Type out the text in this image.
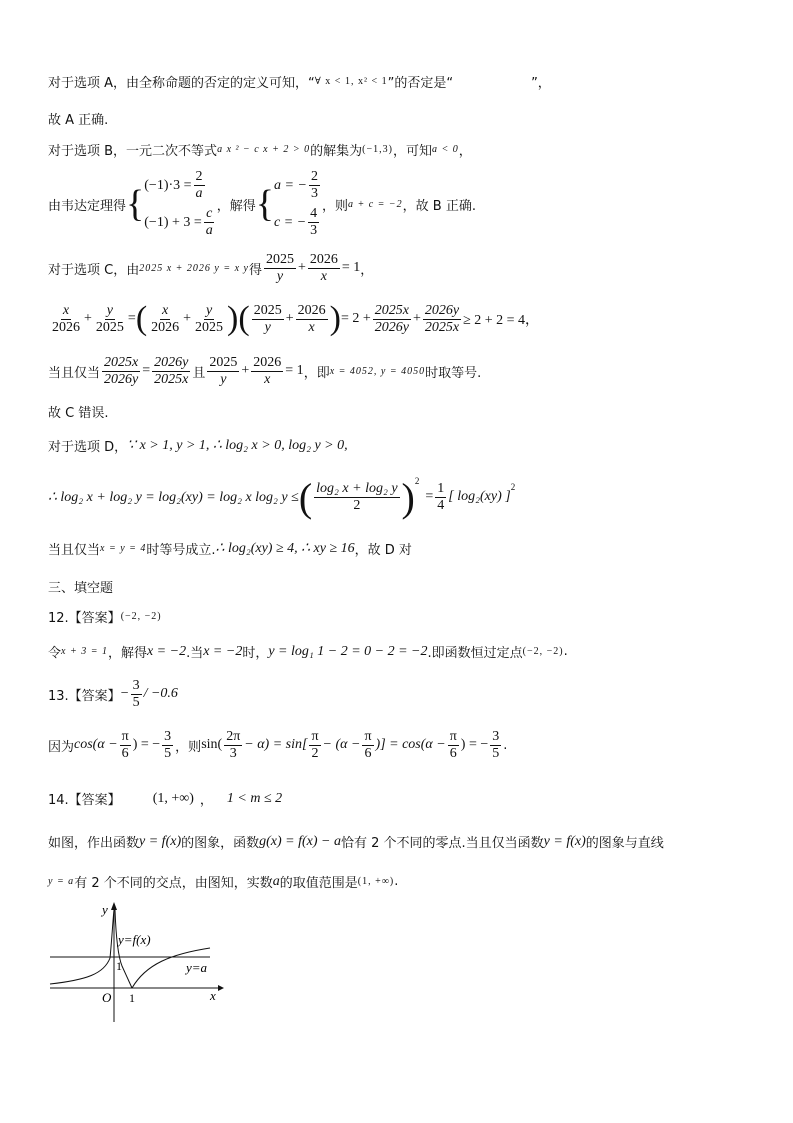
对于选项 A，由全称命题的否定的定义可知，“ ∀ x < 1, x² < 1 ”的否定是“	”，
故 A 正确.
对于选项 B，一元二次不等式 a x ² − c x + 2 > 0 的解集为 (−1,3) ，可知 a < 0 ，
由韦达定理得 { $(-1)\cdot 3 = \frac{2}{a}$
$(-1) + 3 = \frac{c}{a}$ ，解得 { a = − $\frac{2}{3}$
c = − $\frac{4}{3}$ ，则 a + c = −2 ，故 B 正确.
对于选项 C，由 2025 x + 2026 y = x y 得 $\frac{2025}{y} + \frac{2026}{x} = 1$ ，
$\frac{x}{2026} + \frac{y}{2025}$ = ( $\frac{x}{2026} + \frac{y}{2025}$ )( $\frac{2025}{y} + \frac{2026}{x}$ ) = $2 + \frac{2025x}{2026y} + \frac{2026y}{2025x} \ge 2 + 2 = 4$，
当且仅当 $\frac{2025x}{2026y} = \frac{2026y}{2025x}$ 且 $\frac{2025}{y} + \frac{2026}{x} = 1$ ，即 x = 4052, y = 4050 时取等号.
故 C 错误.
对于选项 D， ∵ x > 1, y > 1, ∴ log₂ x > 0, log₂ y > 0,
∴ log₂ x + log₂ y = log₂(xy) = log₂ x log₂ y ≤ ( $\frac{\text{log₂ x + log₂ y}}{2}$ ) 2
= $\frac{1}{4}$ [ log₂(xy) ]
2
当且仅当 x = y = 4 时等号成立. ∴ log₂(xy) ≥ 4, ∴ xy ≥ 16 ，故 D 对
三、填空题
12.【答案】 (−2, −2)
令 x + 3 = 1 ，解得 x = −2 .当 x = −2 时， y = log₁ 1 − 2 = 0 − 2 = −2 .即函数恒过定点 (−2, −2) .
13.【答案】 − $\frac{3}{5} / -0.6$
因为 $\cos(\alpha - \frac{\pi}{6}$ ) = − $\frac{3}{5}$ ，则 $\sin( \frac{2\pi}{3} - \alpha) = \sin[ \frac{\pi}{2} - (\alpha - \frac{\pi}{6}$ )] = $\cos(\alpha - \frac{\pi}{6}$ ) = − $\frac{3}{5}$ .
14.【答案】 (1, +∞) ， 1 < m ≤ 2
如图，作出函数 y = f(x) 的图象，函数 g(x) = f(x) − a 恰有 2 个不同的零点.当且仅当函数 y = f(x) 的图象与直线
y = a 有 2 个不同的交点，由图知，实数 a 的取值范围是 (1, +∞) .
y
x
O 1
1
y=f(x)
y=a
